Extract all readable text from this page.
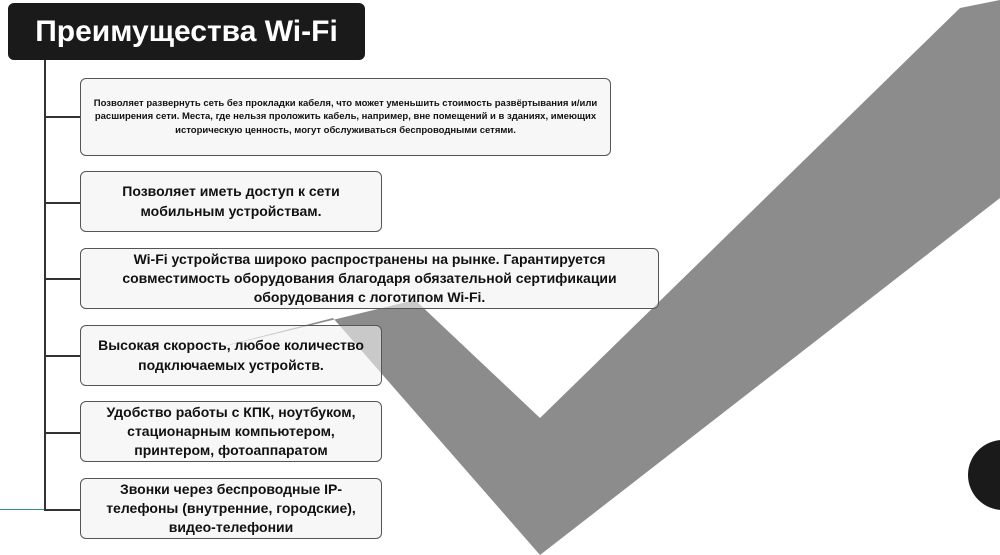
Преимущества Wi-Fi
Позволяет развернуть сеть без прокладки кабеля, что может уменьшить стоимость развёртывания и/или расширения сети. Места, где нельзя проложить кабель, например, вне помещений и в зданиях, имеющих историческую ценность, могут обслуживаться беспроводными сетями.
Позволяет иметь доступ к сети мобильным устройствам.
Wi-Fi устройства широко распространены на рынке. Гарантируется совместимость оборудования благодаря обязательной сертификации оборудования с логотипом Wi-Fi.
Высокая скорость, любое количество подключаемых устройств.
Удобство работы с КПК, ноутбуком, стационарным компьютером, принтером, фотоаппаратом
Звонки через беспроводные IP-телефоны (внутренние, городские), видео-телефонии
